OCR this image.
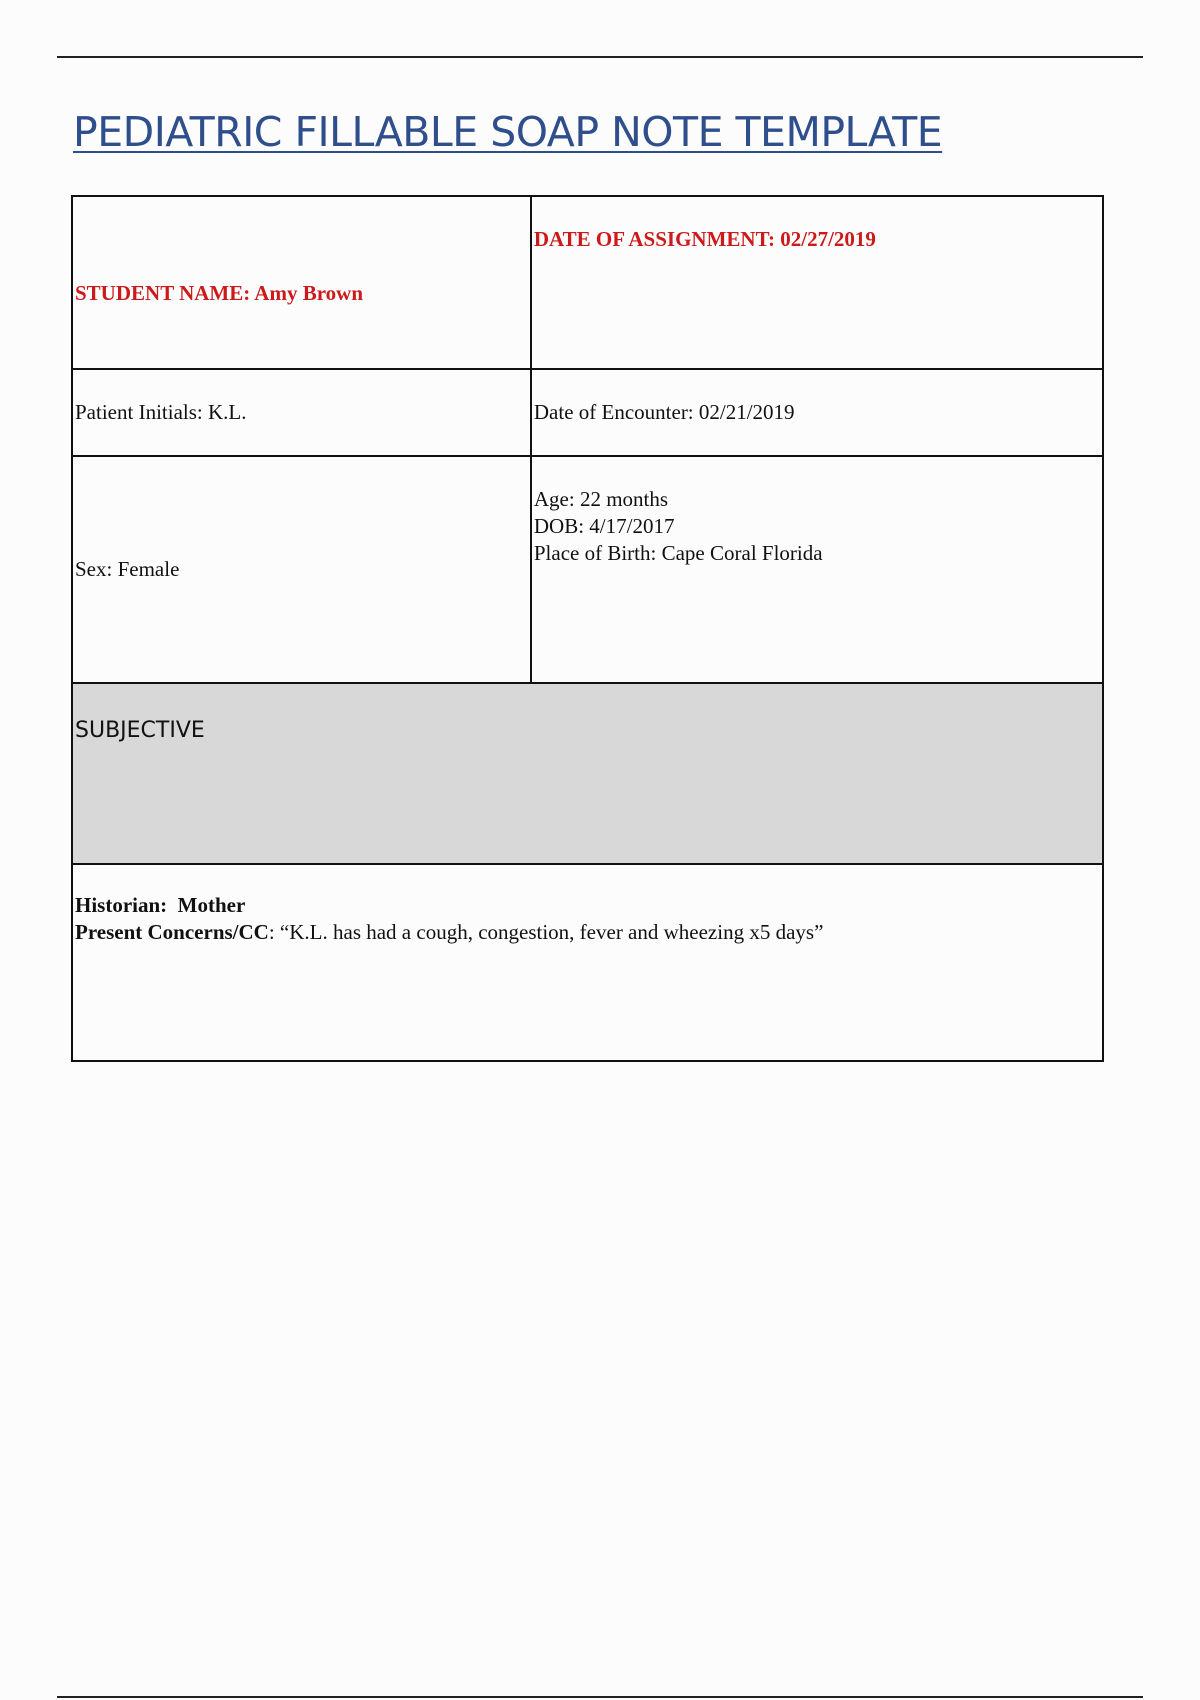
PEDIATRIC FILLABLE SOAP NOTE TEMPLATE
STUDENT NAME: Amy Brown	DATE OF ASSIGNMENT: 02/27/2019
Patient Initials: K.L.	Date of Encounter: 02/21/2019
Sex: Female	Age: 22 months
DOB: 4/17/2017
Place of Birth: Cape Coral Florida

SUBJECTIVE	

Historian: Mother
Present Concerns/CC: “K.L. has had a cough, congestion, fever and wheezing x5 days”	
